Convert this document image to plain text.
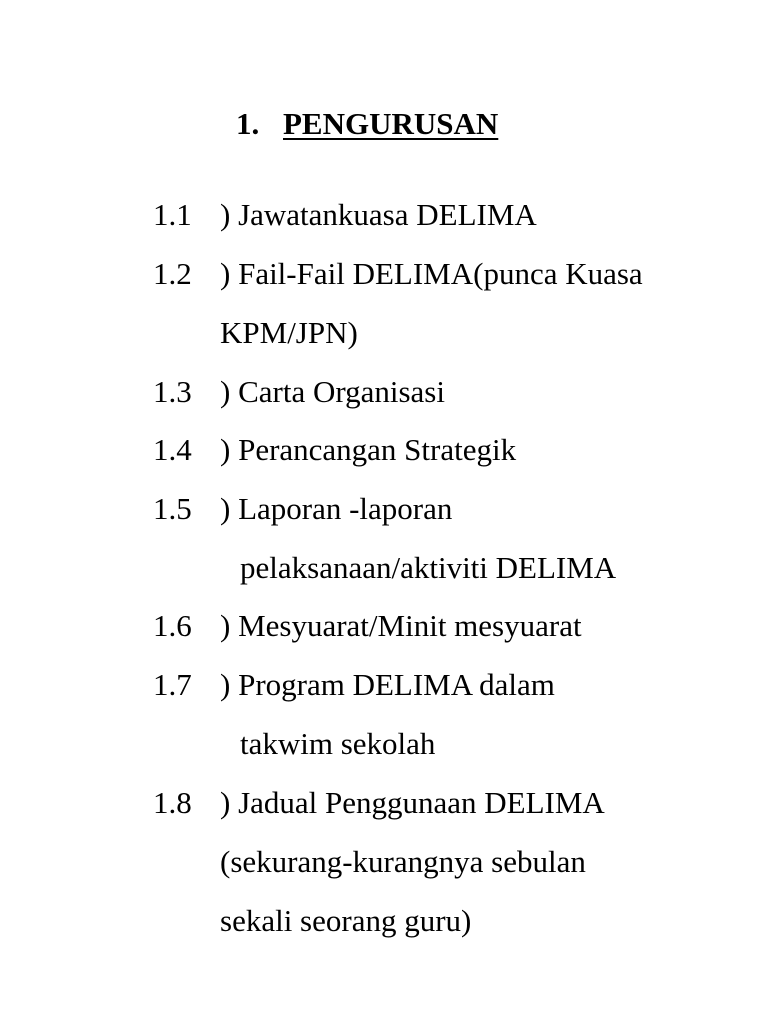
1. PENGURUSAN
1.1 ) Jawatankuasa DELIMA
1.2 ) Fail-Fail DELIMA(punca Kuasa
KPM/JPN)
1.3 ) Carta Organisasi
1.4 ) Perancangan Strategik
1.5 ) Laporan -laporan
pelaksanaan/aktiviti DELIMA
1.6 ) Mesyuarat/Minit mesyuarat
1.7 ) Program DELIMA dalam
takwim sekolah
1.8 ) Jadual Penggunaan DELIMA
(sekurang-kurangnya sebulan
sekali seorang guru)
